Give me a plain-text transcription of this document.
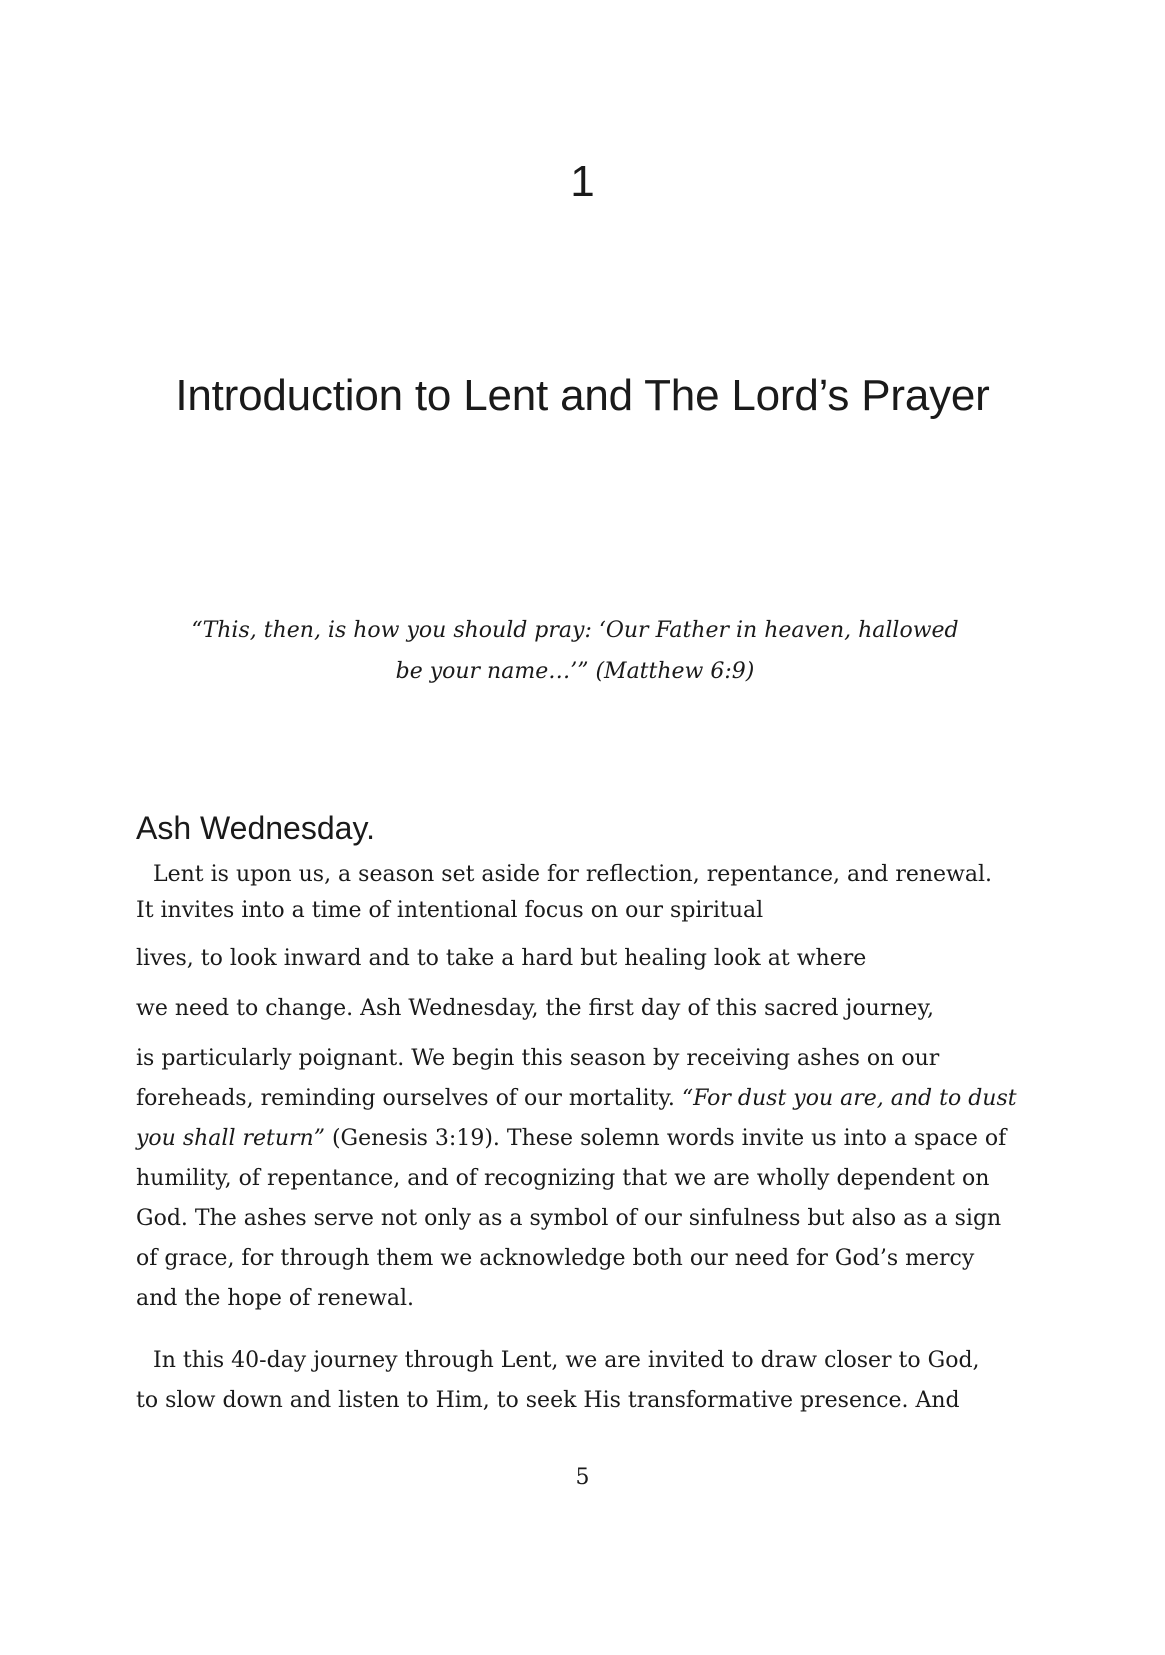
1
Introduction to Lent and The Lord’s Prayer
“This, then, is how you should pray: ‘Our Father in heaven, hallowed
be your name…’” (Matthew 6:9)
Ash Wednesday.

Lent is upon us, a season set aside for reflection, repentance, and renewal.

It invites into a time of intentional focus on our spiritual

lives, to look inward and to take a hard but healing look at where

we need to change. Ash Wednesday, the first day of this sacred journey,

is particularly poignant. We begin this season by receiving ashes on our

foreheads, reminding ourselves of our mortality. “For dust you are, and to dust

you shall return” (Genesis 3:19). These solemn words invite us into a space of

humility, of repentance, and of recognizing that we are wholly dependent on

God. The ashes serve not only as a symbol of our sinfulness but also as a sign

of grace, for through them we acknowledge both our need for God’s mercy

and the hope of renewal.

In this 40-day journey through Lent, we are invited to draw closer to God,

to slow down and listen to Him, to seek His transformative presence. And

5
